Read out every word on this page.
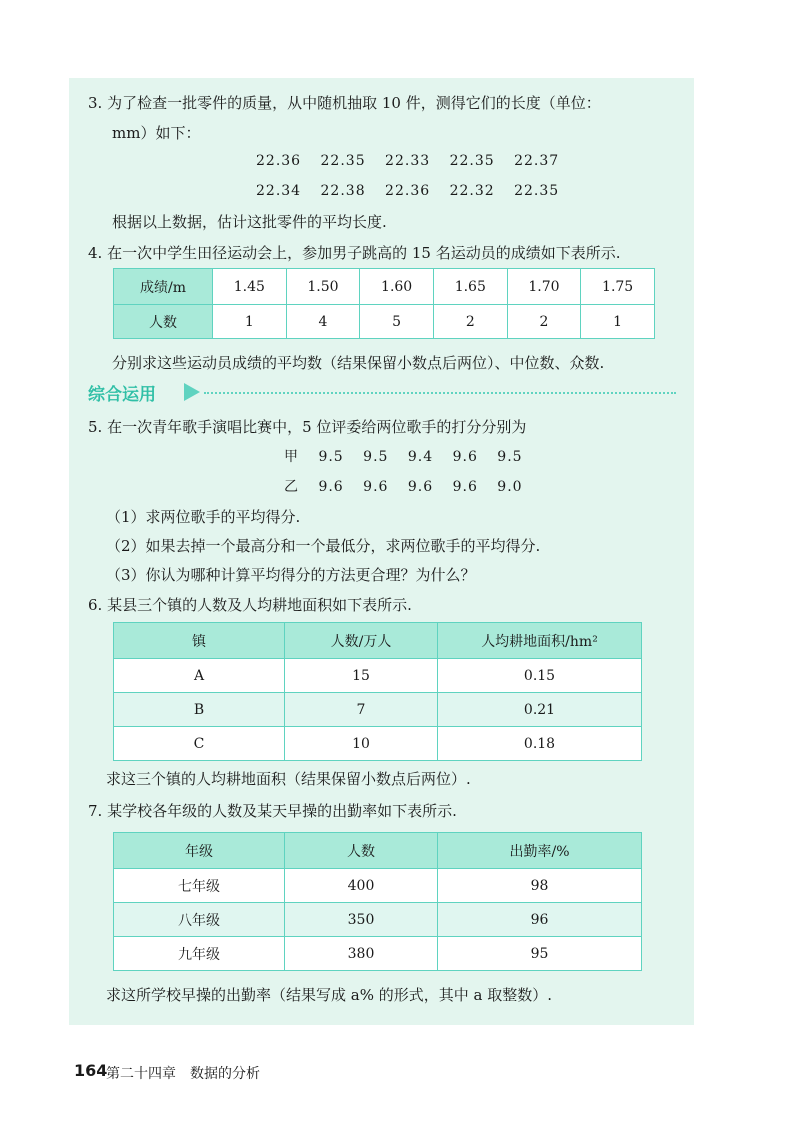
3. 为了检查一批零件的质量，从中随机抽取 10 件，测得它们的长度（单位：
mm）如下：
22.36 22.35 22.33 22.35 22.37
22.34 22.38 22.36 22.32 22.35
根据以上数据，估计这批零件的平均长度.
4. 在一次中学生田径运动会上，参加男子跳高的 15 名运动员的成绩如下表所示.
成绩/m	1.45	1.50	1.60	1.65	1.70	1.75
人数	1	4	5	2	2	1
分别求这些运动员成绩的平均数（结果保留小数点后两位）、中位数、众数.
综合运用
5. 在一次青年歌手演唱比赛中，5 位评委给两位歌手的打分分别为
甲 9.5 9.5 9.4 9.6 9.5
乙 9.6 9.6 9.6 9.6 9.0
（1）求两位歌手的平均得分.
（2）如果去掉一个最高分和一个最低分，求两位歌手的平均得分.
（3）你认为哪种计算平均得分的方法更合理？为什么？
6. 某县三个镇的人数及人均耕地面积如下表所示.
镇	人数/万人	人均耕地面积/hm²
A	15	0.15
B	7	0.21
C	10	0.18
求这三个镇的人均耕地面积（结果保留小数点后两位）.
7. 某学校各年级的人数及某天早操的出勤率如下表所示.
年级	人数	出勤率/%
七年级	400	98
八年级	350	96
九年级	380	95
求这所学校早操的出勤率（结果写成 a% 的形式，其中 a 取整数）.
164
第二十四章　数据的分析
